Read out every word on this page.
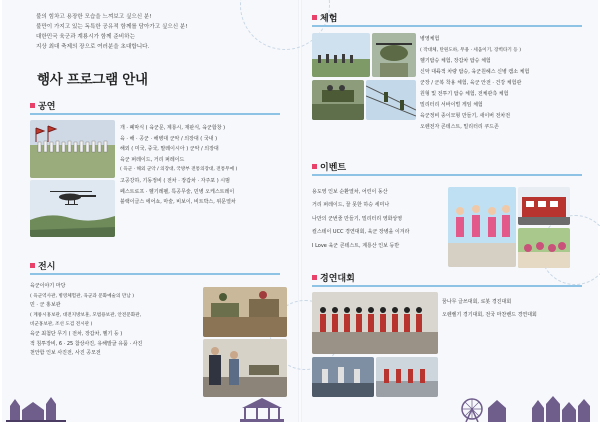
불의 힘차고 용장한 모습을 느껴보고 싶으신 분!
불만이 가지고 있는 독특한 공유적 함께를 담아가고 싶으신 분!
대한민국 육군과 계룡시가 함께 준비하는
지상 최대 축제의 장으로 여러분을 초대합니다.
행사 프로그램 안내
공연
개 · 폐막식 ( 육군문, 계룡시, 재판식, 육군합창 )
육 · 해 · 공군 · 해병대 군악 / 의장대 ( 국내 )
해외 ( 미국, 중국, 말레이시아 ) 군악 / 의장대
육군 퍼레이드, 거리 퍼레이드
( 육군 · 해외 군악 / 의장대, 국방부 전통의장대, 전통무예 )
고공강하, 기동정비 ( 전차 · 장갑차 · 자주포 ) 시범
페스트로프 · 헬기레펠, 특공무술, 민병 오케스트레이
블랙이글스 에어쇼, 마술, 비보이, 비트박스, 위문열차
전시
육군이야기 마당
( 육군역사관, 병영체험관, 육군과 문화예술의 만남 )
민 · 군 홍보관
( 계룡시홍보관, 대전지방보훈, 모범용보관, 안전문화관,
비군홍보관, 조선 도검 전시관 )
육군 최첨단 무기 ( 전차, 장갑차, 헬기 등 )
적 침투장비, 6 · 25 참상사진, 유해발굴 유품 · 사진
천안함 인보 사진전, 사진 공모전
체험
병영체험
( 작대체, 탄원도하, 무용 · 세움이기, 장벽타기 등 )
헬기탑승 체험, 장갑차 탑승 체험
신악 대륙적 차량 탑승, 육군원헤스 신병 캠소 체험
군장 / 군복 착용 체험, 육군 안전 · 건강 체험관
원형 및 전투기 탑승 체험, 전체관측 체험
밀리터리 서바이벌 게임 체험
육군정비 종이모형 만들기, 새이버 전차전
오렌전자 콘테스트, 밀리터리 쿠드존
이벤트
용도영 인보 순환열차, 어린이 동산
거리 퍼레이드, 꿀 못한 하승 세미나
나만의 군번줄 만들기, 밀리터리 영화상영
컬스테이 UCC 경연대회, 육군 장병을 이겨라
I Love 육군 콘테스트, 계룡산 인보 등반
경연대회
꿈나무 글쓰대회, 로봇 경진대회
오렌렐기 경기대회, 전국 마찬밴드 경연대회
